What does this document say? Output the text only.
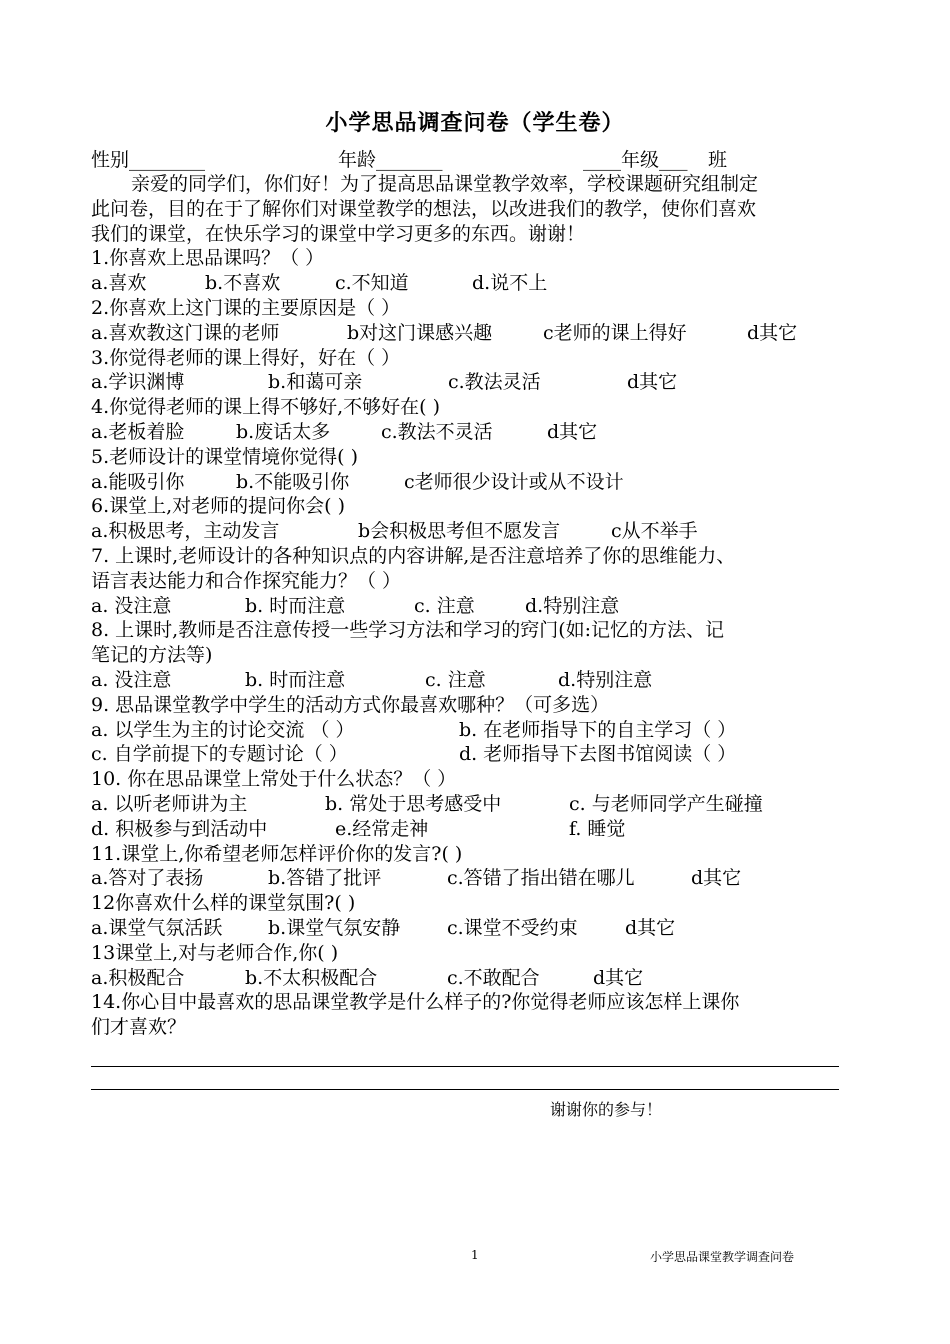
小学思品调查问卷（学生卷）
性别________	年龄_______	____年级___ 班
亲爱的同学们，你们好！为了提高思品课堂教学效率，学校课题研究组制定
此问卷，目的在于了解你们对课堂教学的想法，以改进我们的教学，使你们喜欢
我们的课堂，在快乐学习的课堂中学习更多的东西。谢谢！
1.你喜欢上思品课吗？（ ）
a.喜欢	b.不喜欢	c.不知道	d.说不上
2.你喜欢上这门课的主要原因是（ ）
a.喜欢教这门课的老师	b对这门课感兴趣	c老师的课上得好	d其它
3.你觉得老师的课上得好，好在（ ）
a.学识渊博	b.和蔼可亲	c.教法灵活	d其它
4.你觉得老师的课上得不够好,不够好在( )
a.老板着脸	b.废话太多	c.教法不灵活	d其它
5.老师设计的课堂情境你觉得( )
a.能吸引你	b.不能吸引你	c老师很少设计或从不设计
6.课堂上,对老师的提问你会( )
a.积极思考，主动发言	b会积极思考但不愿发言	c从不举手
7. 上课时,老师设计的各种知识点的内容讲解,是否注意培养了你的思维能力、
语言表达能力和合作探究能力？（ ）
a. 没注意	b. 时而注意	c. 注意	d.特别注意
8. 上课时,教师是否注意传授一些学习方法和学习的窍门(如:记忆的方法、记
笔记的方法等)
a. 没注意	b. 时而注意	c. 注意	d.特别注意
9. 思品课堂教学中学生的活动方式你最喜欢哪种？（可多选）
a. 以学生为主的讨论交流 （ ）	b. 在老师指导下的自主学习（ ）
c. 自学前提下的专题讨论（ ）	d. 老师指导下去图书馆阅读（ ）
10. 你在思品课堂上常处于什么状态？（ ）
a. 以听老师讲为主	b. 常处于思考感受中	c. 与老师同学产生碰撞
d. 积极参与到活动中	e.经常走神	f. 睡觉
11.课堂上,你希望老师怎样评价你的发言?( )
a.答对了表扬	b.答错了批评	c.答错了指出错在哪儿	d其它
12你喜欢什么样的课堂氛围?( )
a.课堂气氛活跃 b.课堂气氛安静 c.课堂不受约束 d其它
13课堂上,对与老师合作,你( )
a.积极配合	b.不太积极配合	c.不敢配合	d其它
14.你心目中最喜欢的思品课堂教学是什么样子的?你觉得老师应该怎样上课你
们才喜欢？
谢谢你的参与！
1	小学思品课堂教学调查问卷
